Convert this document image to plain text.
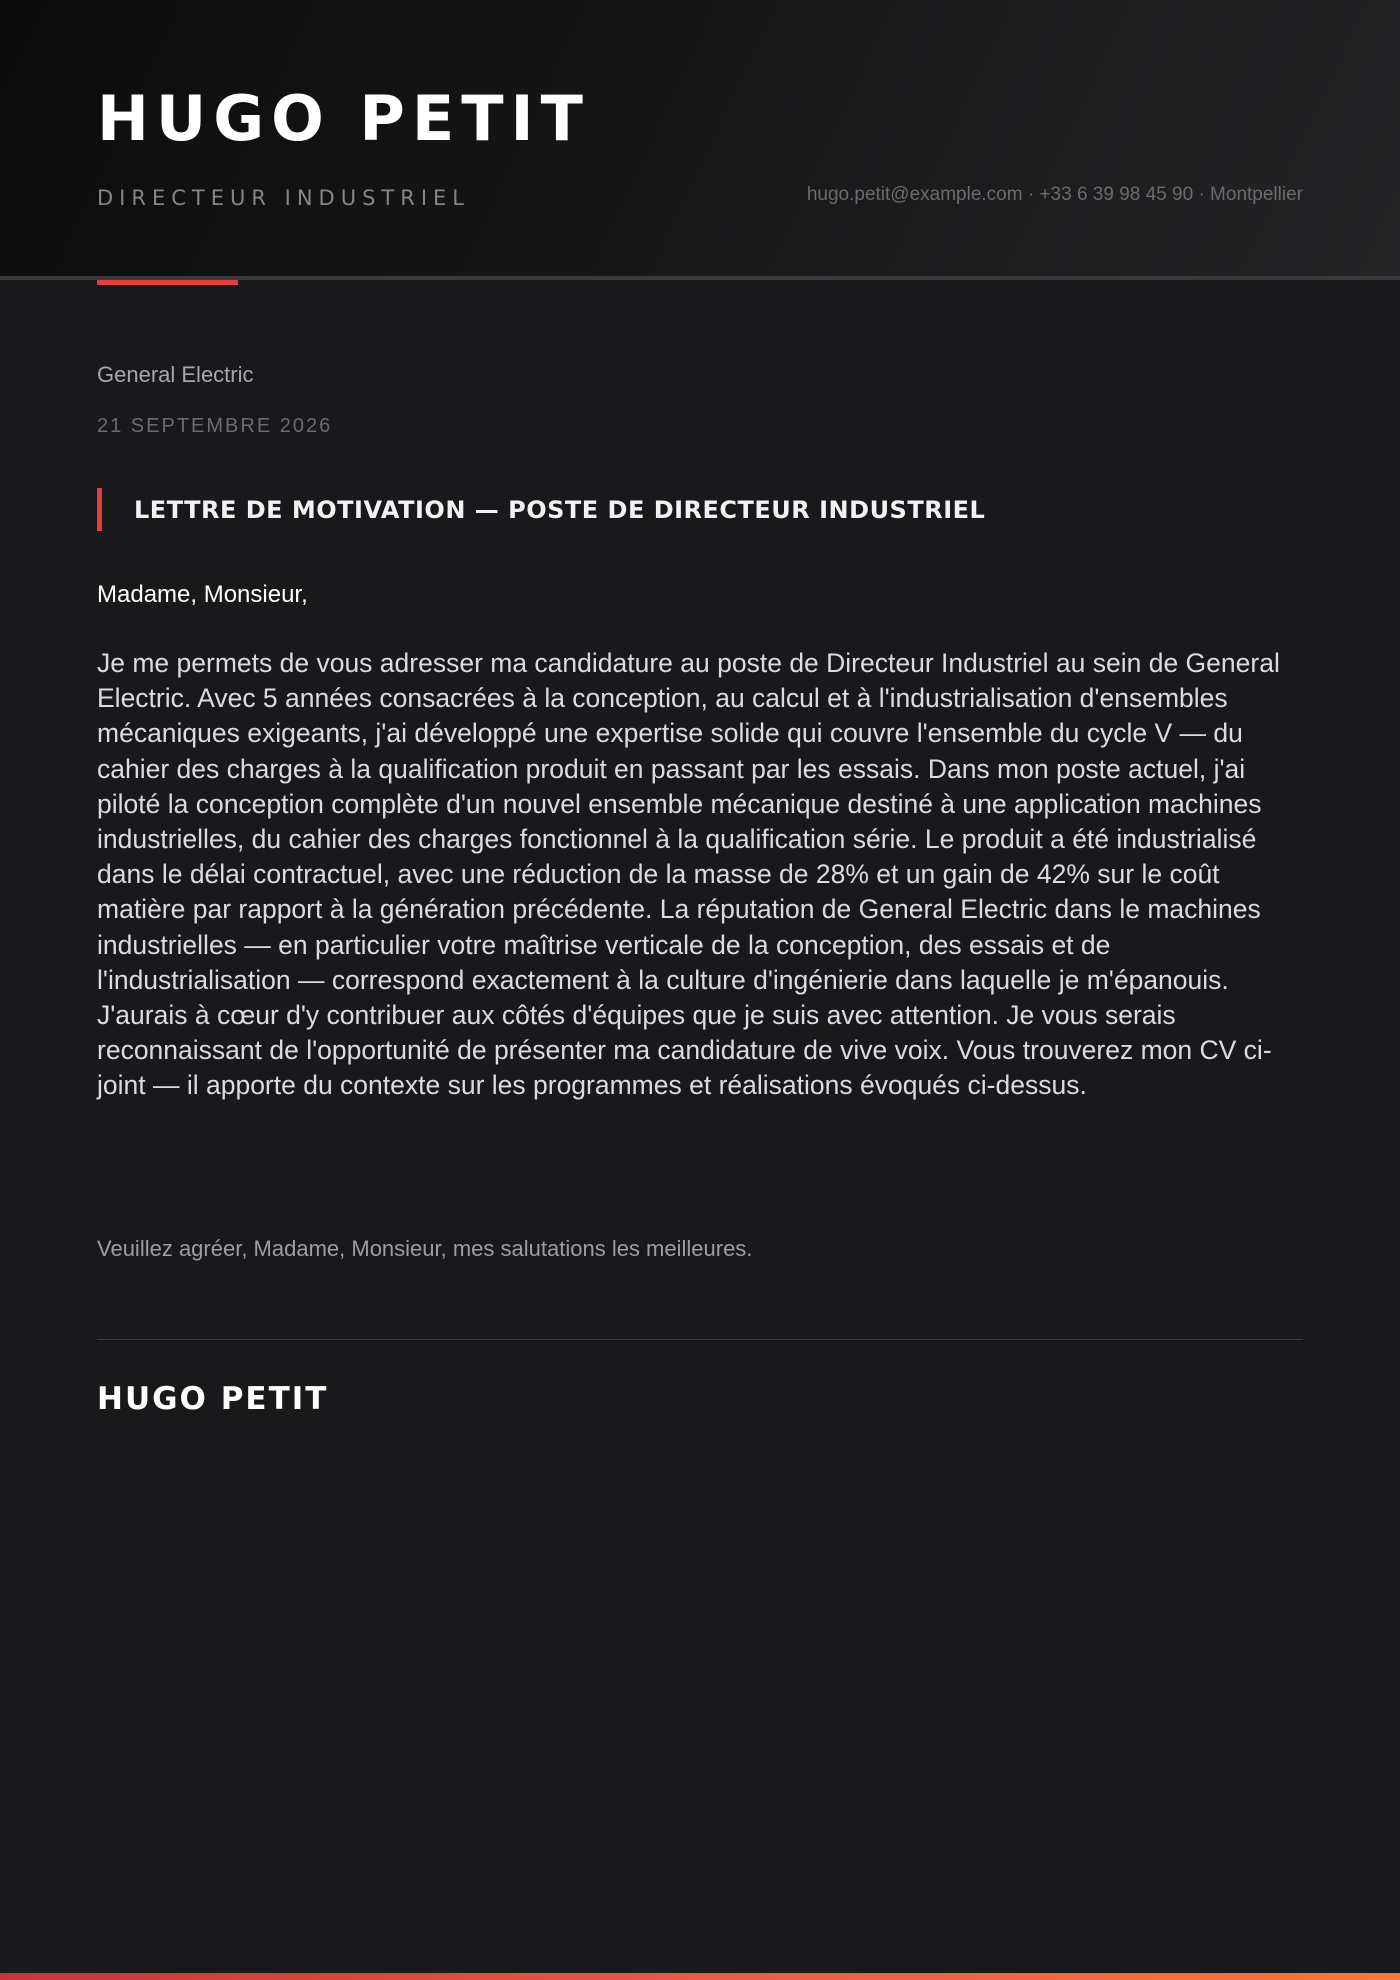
HUGO PETIT
DIRECTEUR INDUSTRIEL	hugo.petit@example.com · +33 6 39 98 45 90 · Montpellier
General Electric
21 SEPTEMBRE 2026
LETTRE DE MOTIVATION — POSTE DE DIRECTEUR INDUSTRIEL
Madame, Monsieur,

Je me permets de vous adresser ma candidature au poste de Directeur Industriel au sein de General Electric. Avec 5 années consacrées à la conception, au calcul et à l'industrialisation d'ensembles mécaniques exigeants, j'ai développé une expertise solide qui couvre l'ensemble du cycle V — du cahier des charges à la qualification produit en passant par les essais. Dans mon poste actuel, j'ai piloté la conception complète d'un nouvel ensemble mécanique destiné à une application machines industrielles, du cahier des charges fonctionnel à la qualification série. Le produit a été industrialisé dans le délai contractuel, avec une réduction de la masse de 28% et un gain de 42% sur le coût matière par rapport à la génération précédente. La réputation de General Electric dans le machines industrielles — en particulier votre maîtrise verticale de la conception, des essais et de l'industrialisation — correspond exactement à la culture d'ingénierie dans laquelle je m'épanouis. J'aurais à cœur d'y contribuer aux côtés d'équipes que je suis avec attention. Je vous serais reconnaissant de l'opportunité de présenter ma candidature de vive voix. Vous trouverez mon CV ci-joint — il apporte du contexte sur les programmes et réalisations évoqués ci-dessus.

Veuillez agréer, Madame, Monsieur, mes salutations les meilleures.
HUGO PETIT
